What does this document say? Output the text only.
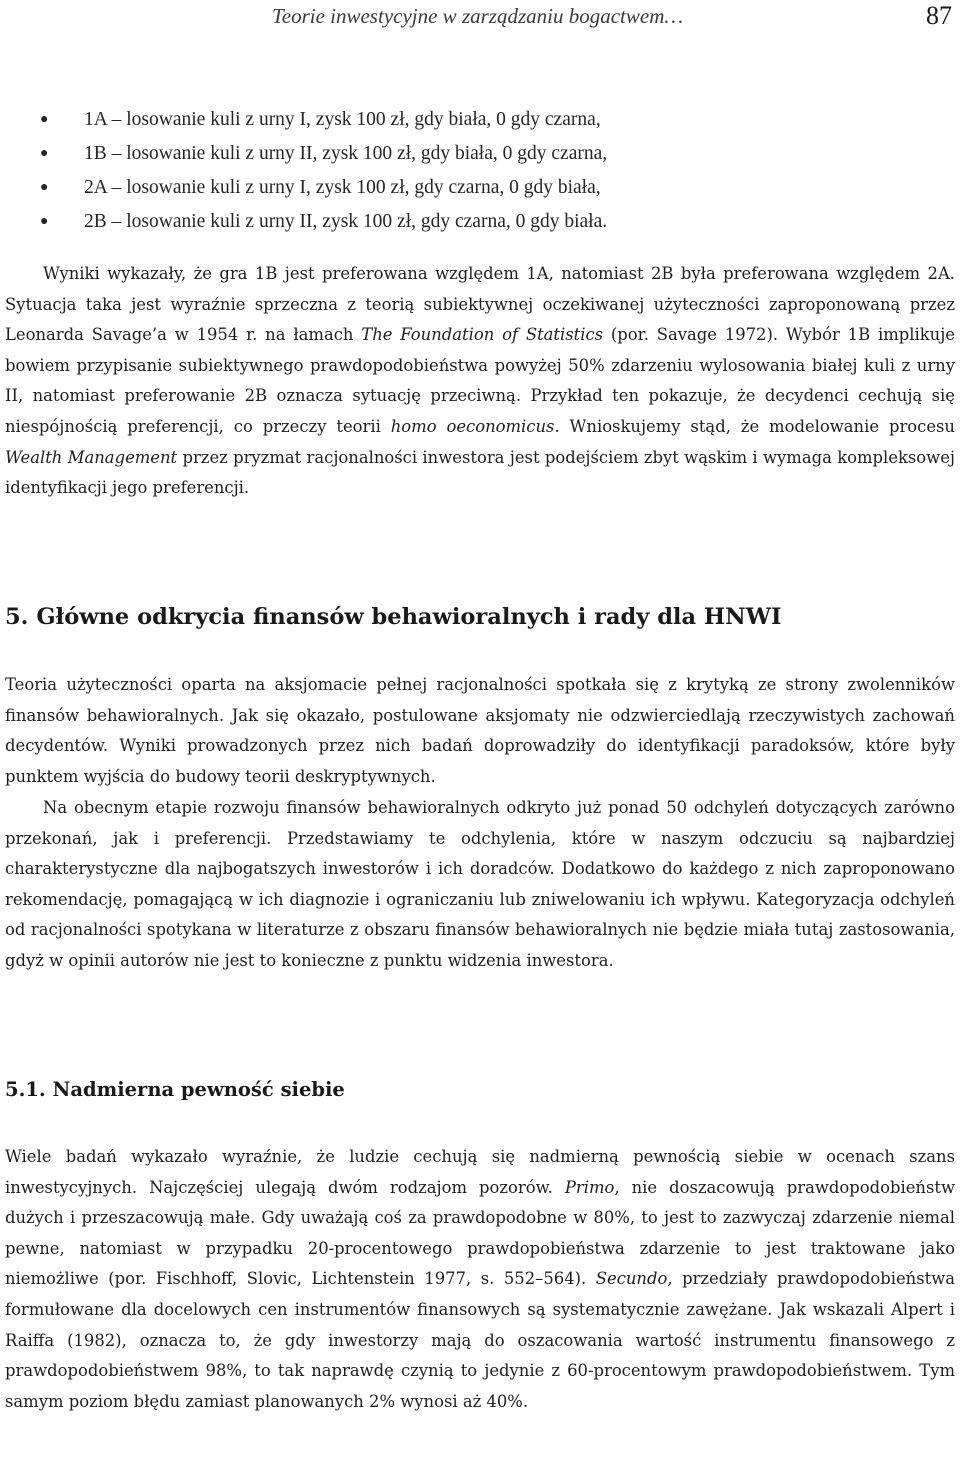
Teorie inwestycyjne w zarządzaniu bogactwem…	87
● 1A – losowanie kuli z urny I, zysk 100 zł, gdy biała, 0 gdy czarna,
● 1B – losowanie kuli z urny II, zysk 100 zł, gdy biała, 0 gdy czarna,
● 2A – losowanie kuli z urny I, zysk 100 zł, gdy czarna, 0 gdy biała,
● 2B – losowanie kuli z urny II, zysk 100 zł, gdy czarna, 0 gdy biała.

Wyniki wykazały, że gra 1B jest preferowana względem 1A, natomiast 2B była preferowana względem 2A. Sytuacja taka jest wyraźnie sprzeczna z teorią subiektywnej oczekiwanej użyteczności zaproponowaną przez Leonarda Savage’a w 1954 r. na łamach The Foundation of Statistics (por. Savage 1972). Wybór 1B implikuje bowiem przypisanie subiektywnego prawdopodobieństwa powyżej 50% zdarzeniu wylosowania białej kuli z urny II, natomiast preferowanie 2B oznacza sytuację przeciwną. Przykład ten pokazuje, że decydenci cechują się niespójnością preferencji, co przeczy teorii homo oeconomicus. Wnioskujemy stąd, że modelowanie procesu Wealth Management przez pryzmat racjonalności inwestora jest podejściem zbyt wąskim i wymaga kompleksowej identyfikacji jego preferencji.

5. Główne odkrycia finansów behawioralnych i rady dla HNWI

Teoria użyteczności oparta na aksjomacie pełnej racjonalności spotkała się z krytyką ze strony zwolenników finansów behawioralnych. Jak się okazało, postulowane aksjomaty nie odzwierciedlają rzeczywistych zachowań decydentów. Wyniki prowadzonych przez nich badań doprowadziły do identyfikacji paradoksów, które były punktem wyjścia do budowy teorii deskryptywnych.

Na obecnym etapie rozwoju finansów behawioralnych odkryto już ponad 50 odchyleń dotyczących zarówno przekonań, jak i preferencji. Przedstawiamy te odchylenia, które w naszym odczuciu są najbardziej charakterystyczne dla najbogatszych inwestorów i ich doradców. Dodatkowo do każdego z nich zaproponowano rekomendację, pomagającą w ich diagnozie i ograniczaniu lub zniwelowaniu ich wpływu. Kategoryzacja odchyleń od racjonalności spotykana w literaturze z obszaru finansów behawioralnych nie będzie miała tutaj zastosowania, gdyż w opinii autorów nie jest to konieczne z punktu widzenia inwestora.

5.1. Nadmierna pewność siebie

Wiele badań wykazało wyraźnie, że ludzie cechują się nadmierną pewnością siebie w ocenach szans inwestycyjnych. Najczęściej ulegają dwóm rodzajom pozorów. Primo, nie doszacowują prawdopodobieństw dużych i przeszacowują małe. Gdy uważają coś za prawdopodobne w 80%, to jest to zazwyczaj zdarzenie niemal pewne, natomiast w przypadku 20-procentowego prawdopobieństwa zdarzenie to jest traktowane jako niemożliwe (por. Fischhoff, Slovic, Lichtenstein 1977, s. 552–564). Secundo, przedziały prawdopodobieństwa formułowane dla docelowych cen instrumentów finansowych są systematycznie zawężane. Jak wskazali Alpert i Raiffa (1982), oznacza to, że gdy inwestorzy mają do oszacowania wartość instrumentu finansowego z prawdopodobieństwem 98%, to tak naprawdę czynią to jedynie z 60-procentowym prawdopodobieństwem. Tym samym poziom błędu zamiast planowanych 2% wynosi aż 40%.
